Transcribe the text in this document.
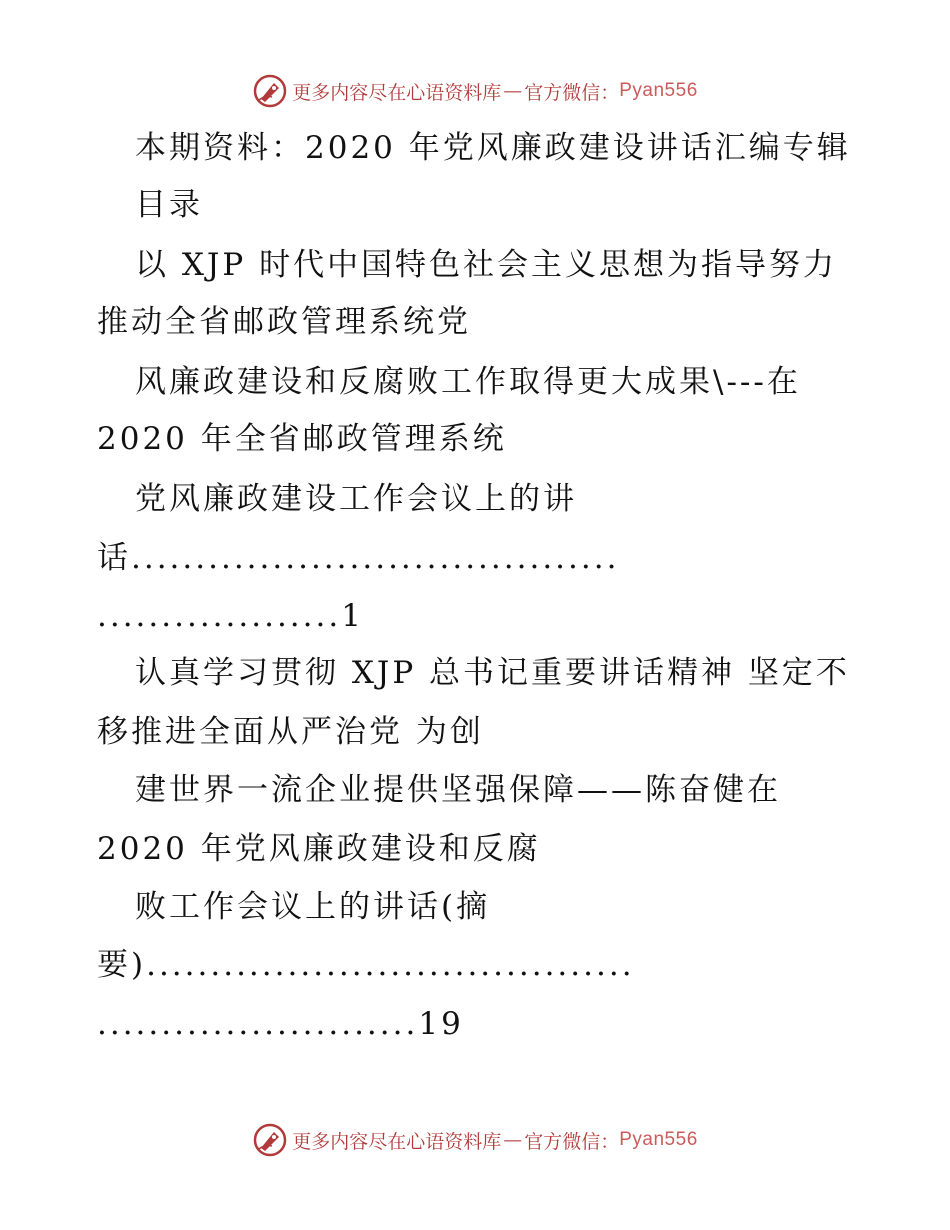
更多内容尽在心语资料库 — 官方微信： Pyan556
本期资料：2020 年党风廉政建设讲话汇编专辑
目录
以 XJP 时代中国特色社会主义思想为指导努力
推动全省邮政管理系统党
风廉政建设和反腐败工作取得更大成果\---在
2020 年全省邮政管理系统
党风廉政建设工作会议上的讲
话......................................
...................1
认真学习贯彻 XJP 总书记重要讲话精神 坚定不
移推进全面从严治党 为创
建世界一流企业提供坚强保障——陈奋健在
2020 年党风廉政建设和反腐
败工作会议上的讲话(摘
要)......................................
.........................19
更多内容尽在心语资料库 — 官方微信： Pyan556
